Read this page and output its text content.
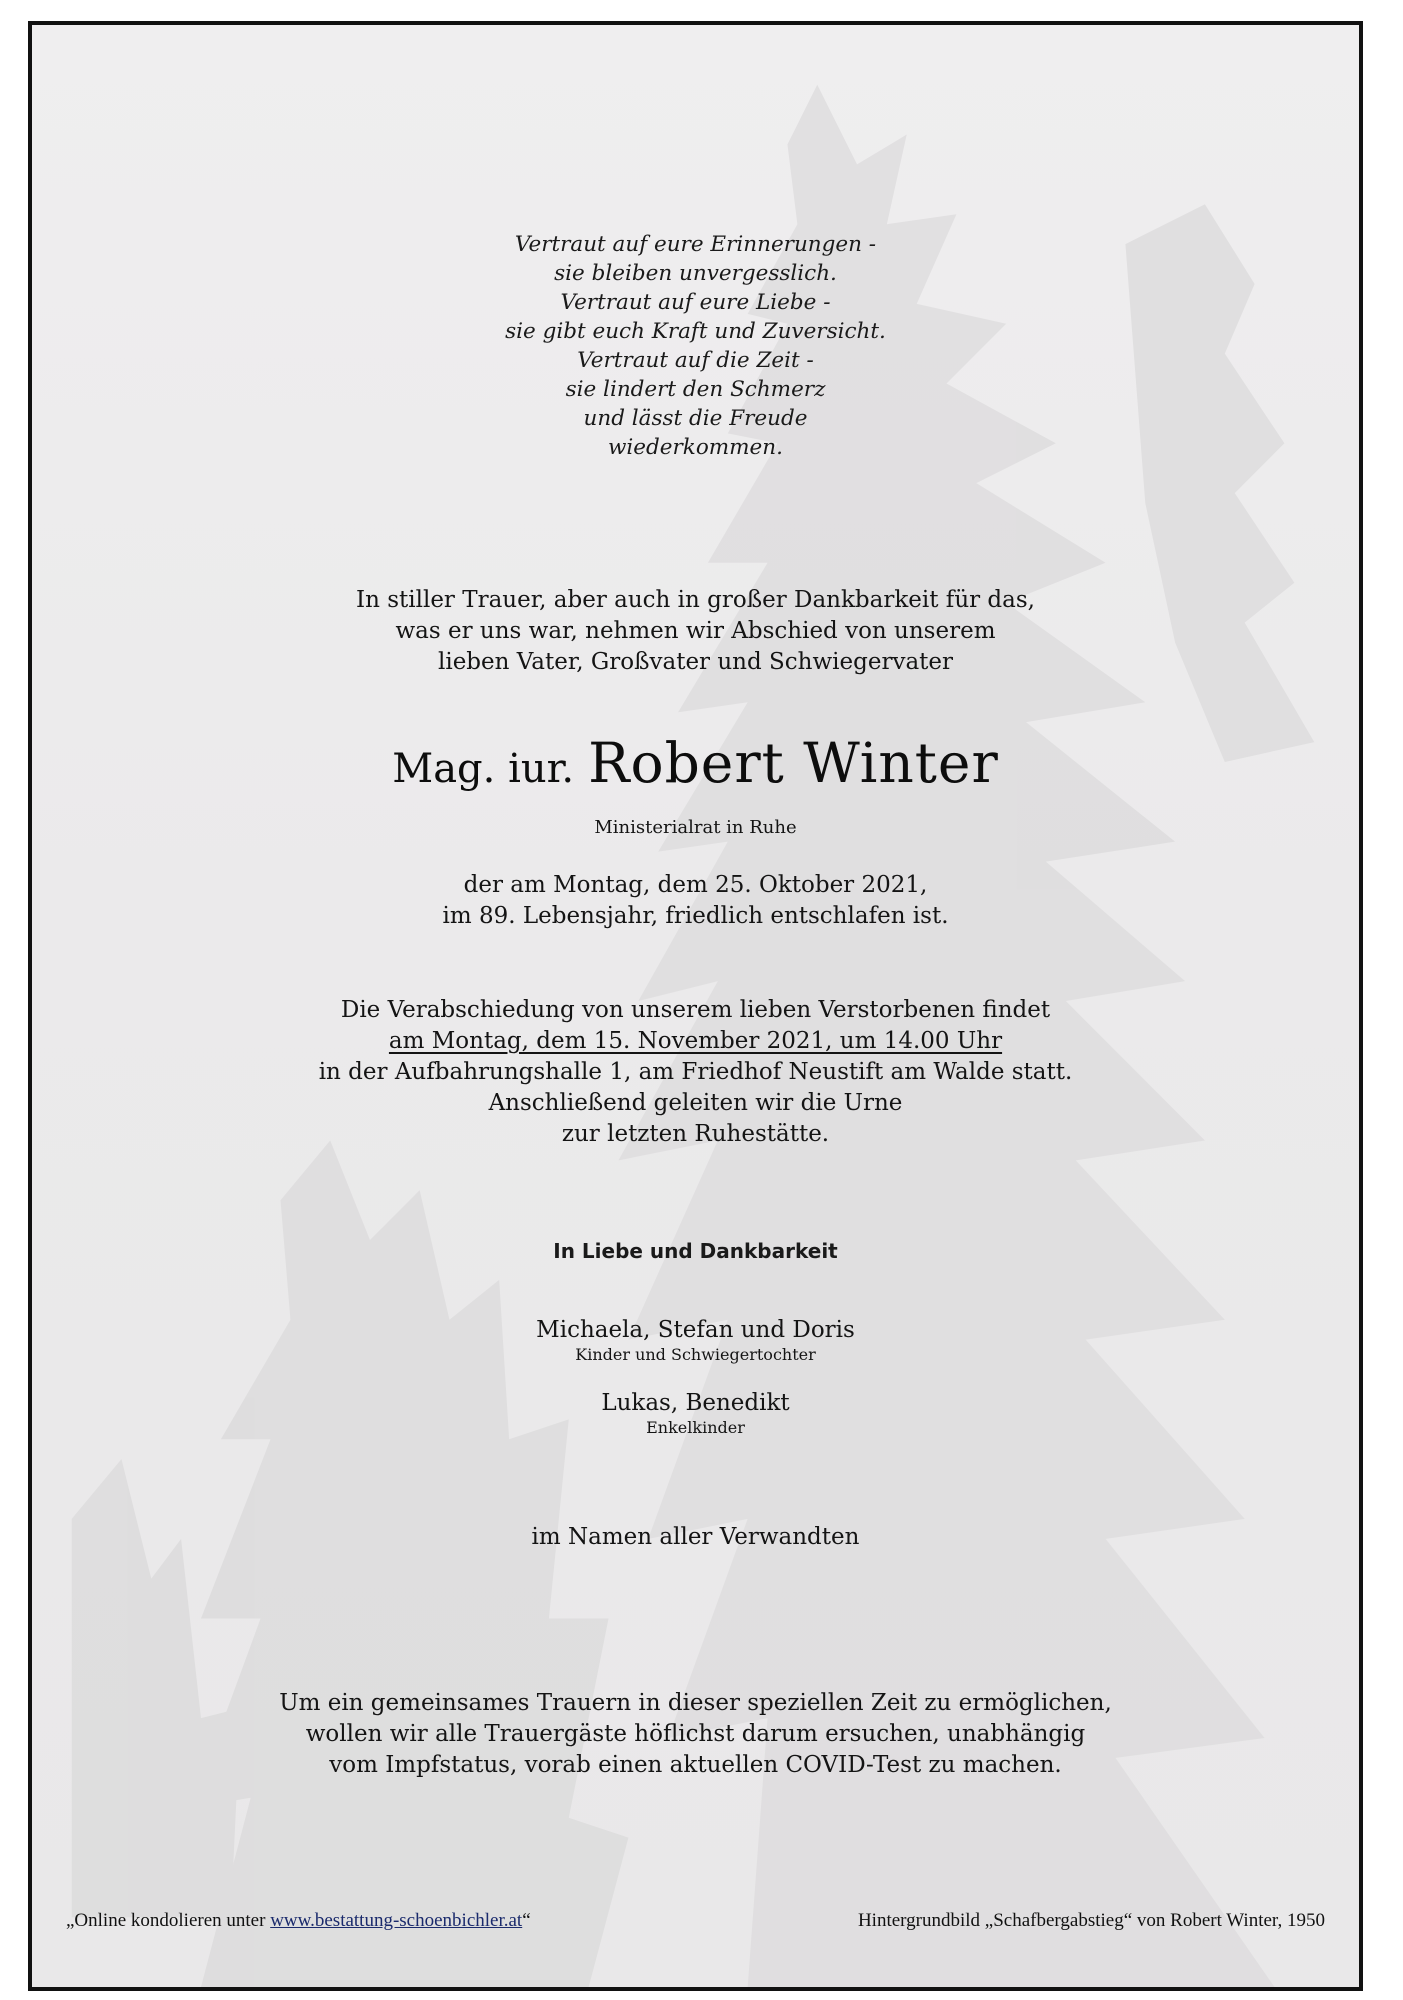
Vertraut auf eure Erinnerungen -
sie bleiben unvergesslich.
Vertraut auf eure Liebe -
sie gibt euch Kraft und Zuversicht.
Vertraut auf die Zeit -
sie lindert den Schmerz
und lässt die Freude
wiederkommen.
In stiller Trauer, aber auch in großer Dankbarkeit für das,
was er uns war, nehmen wir Abschied von unserem
lieben Vater, Großvater und Schwiegervater
Mag. iur. Robert Winter
Ministerialrat in Ruhe
der am Montag, dem 25. Oktober 2021,
im 89. Lebensjahr, friedlich entschlafen ist.
Die Verabschiedung von unserem lieben Verstorbenen findet
am Montag, dem 15. November 2021, um 14.00 Uhr
in der Aufbahrungshalle 1, am Friedhof Neustift am Walde statt.
Anschließend geleiten wir die Urne
zur letzten Ruhestätte.
In Liebe und Dankbarkeit
Michaela, Stefan und Doris
Kinder und Schwiegertochter
Lukas, Benedikt
Enkelkinder
im Namen aller Verwandten
Um ein gemeinsames Trauern in dieser speziellen Zeit zu ermöglichen,
wollen wir alle Trauergäste höflichst darum ersuchen, unabhängig
vom Impfstatus, vorab einen aktuellen COVID-Test zu machen.
„Online kondolieren unter www.bestattung-schoenbichler.at“	Hintergrundbild „Schafbergabstieg“ von Robert Winter, 1950
